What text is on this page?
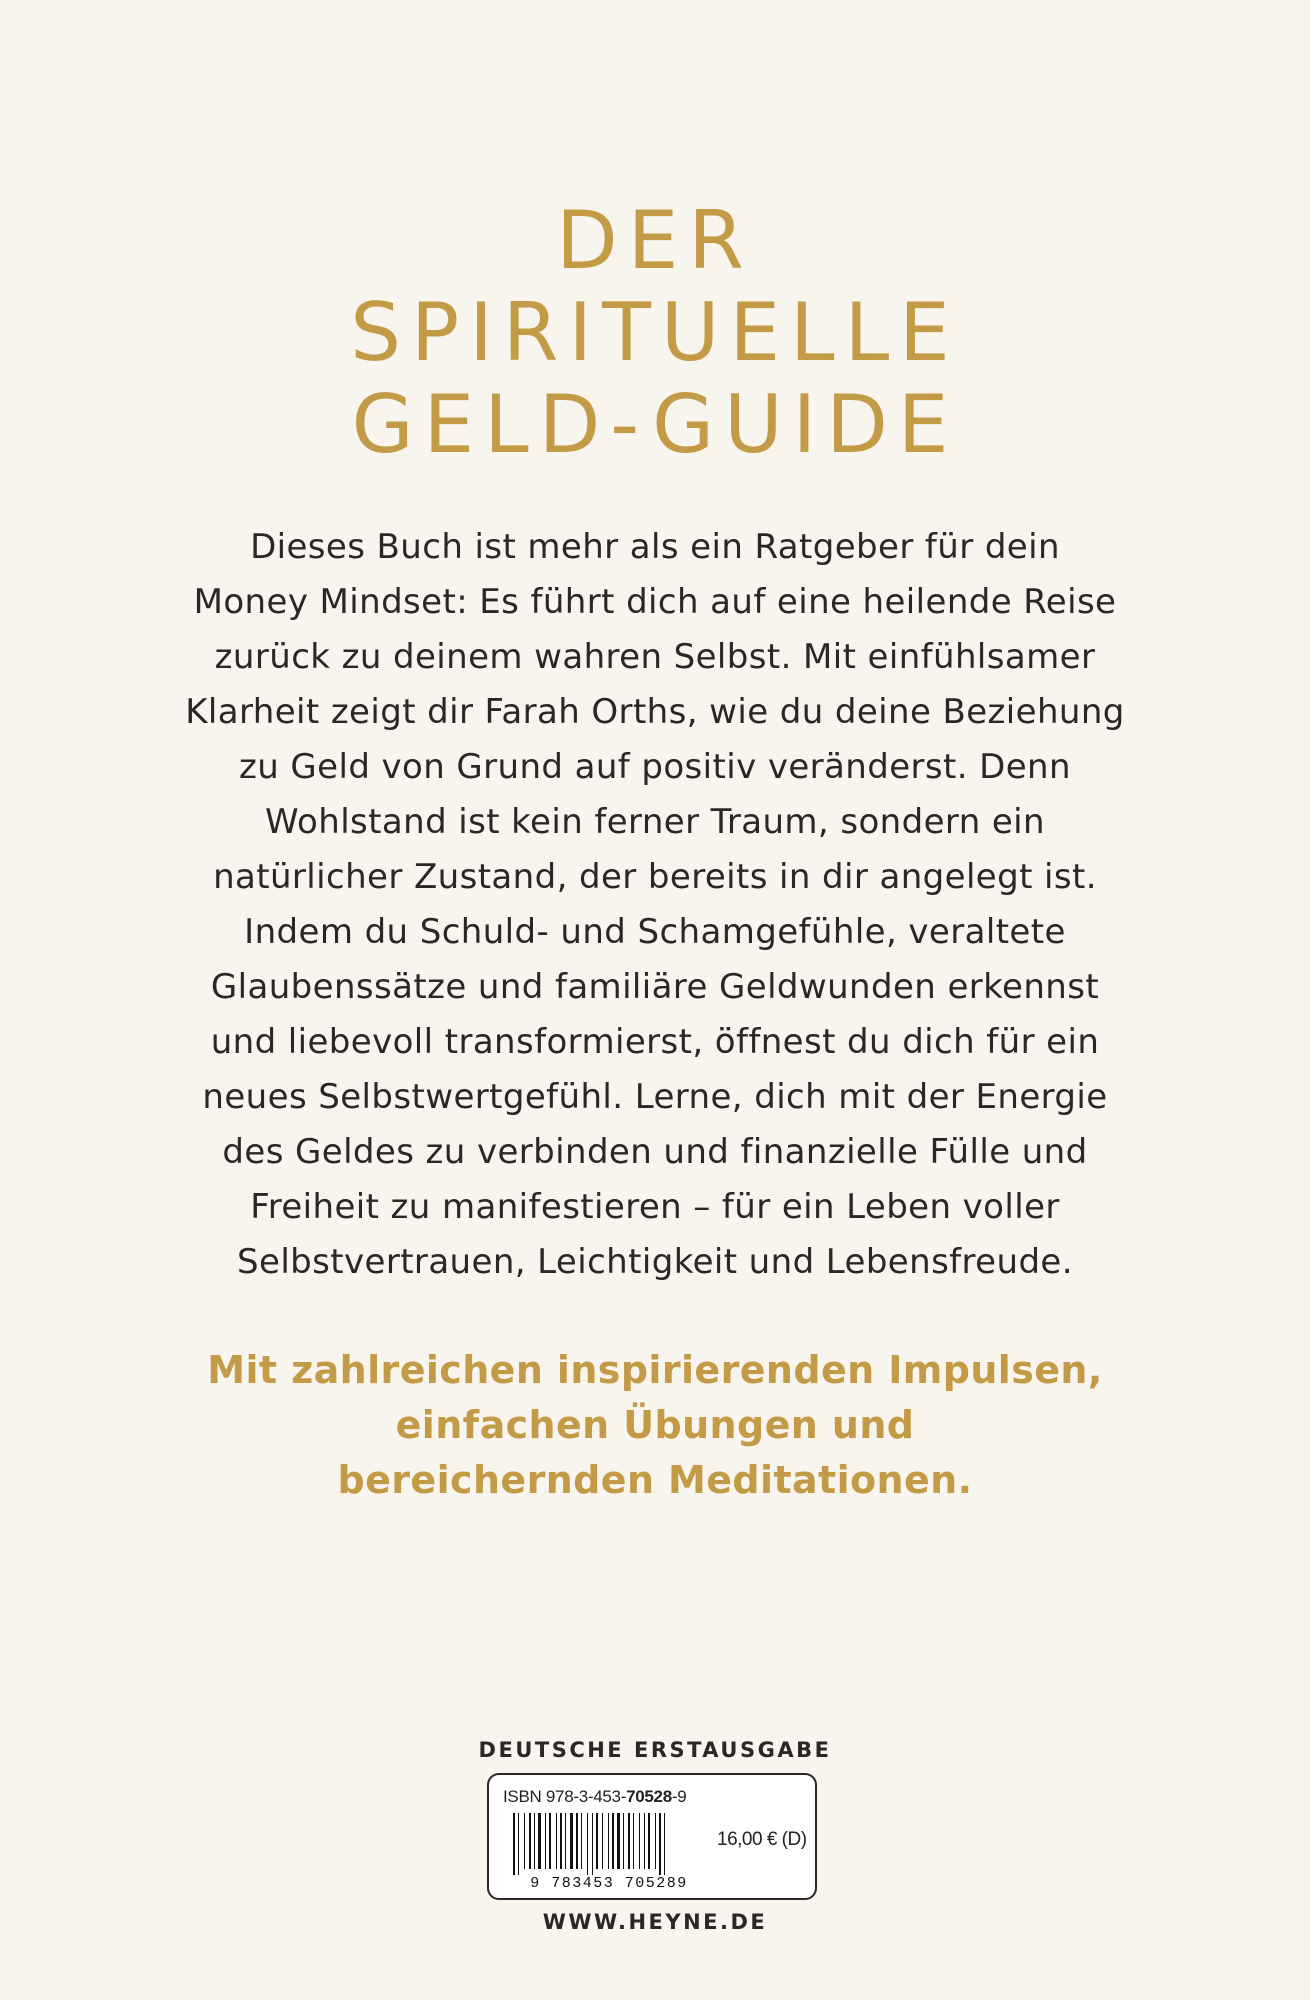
DER
SPIRITUELLE
GELD-GUIDE
Dieses Buch ist mehr als ein Ratgeber für dein
Money Mindset: Es führt dich auf eine heilende Reise
zurück zu deinem wahren Selbst. Mit einfühlsamer
Klarheit zeigt dir Farah Orths, wie du deine Beziehung
zu Geld von Grund auf positiv veränderst. Denn
Wohlstand ist kein ferner Traum, sondern ein
natürlicher Zustand, der bereits in dir angelegt ist.
Indem du Schuld- und Schamgefühle, veraltete
Glaubenssätze und familiäre Geldwunden erkennst
und liebevoll transformierst, öffnest du dich für ein
neues Selbstwertgefühl. Lerne, dich mit der Energie
des Geldes zu verbinden und finanzielle Fülle und
Freiheit zu manifestieren – für ein Leben voller
Selbstvertrauen, Leichtigkeit und Lebensfreude.
Mit zahlreichen inspirierenden Impulsen,
einfachen Übungen und
bereichernden Meditationen.
DEUTSCHE ERSTAUSGABE
ISBN 978-3-453-70528-9
9 783453 705289
16,00 € (D)
WWW.HEYNE.DE
